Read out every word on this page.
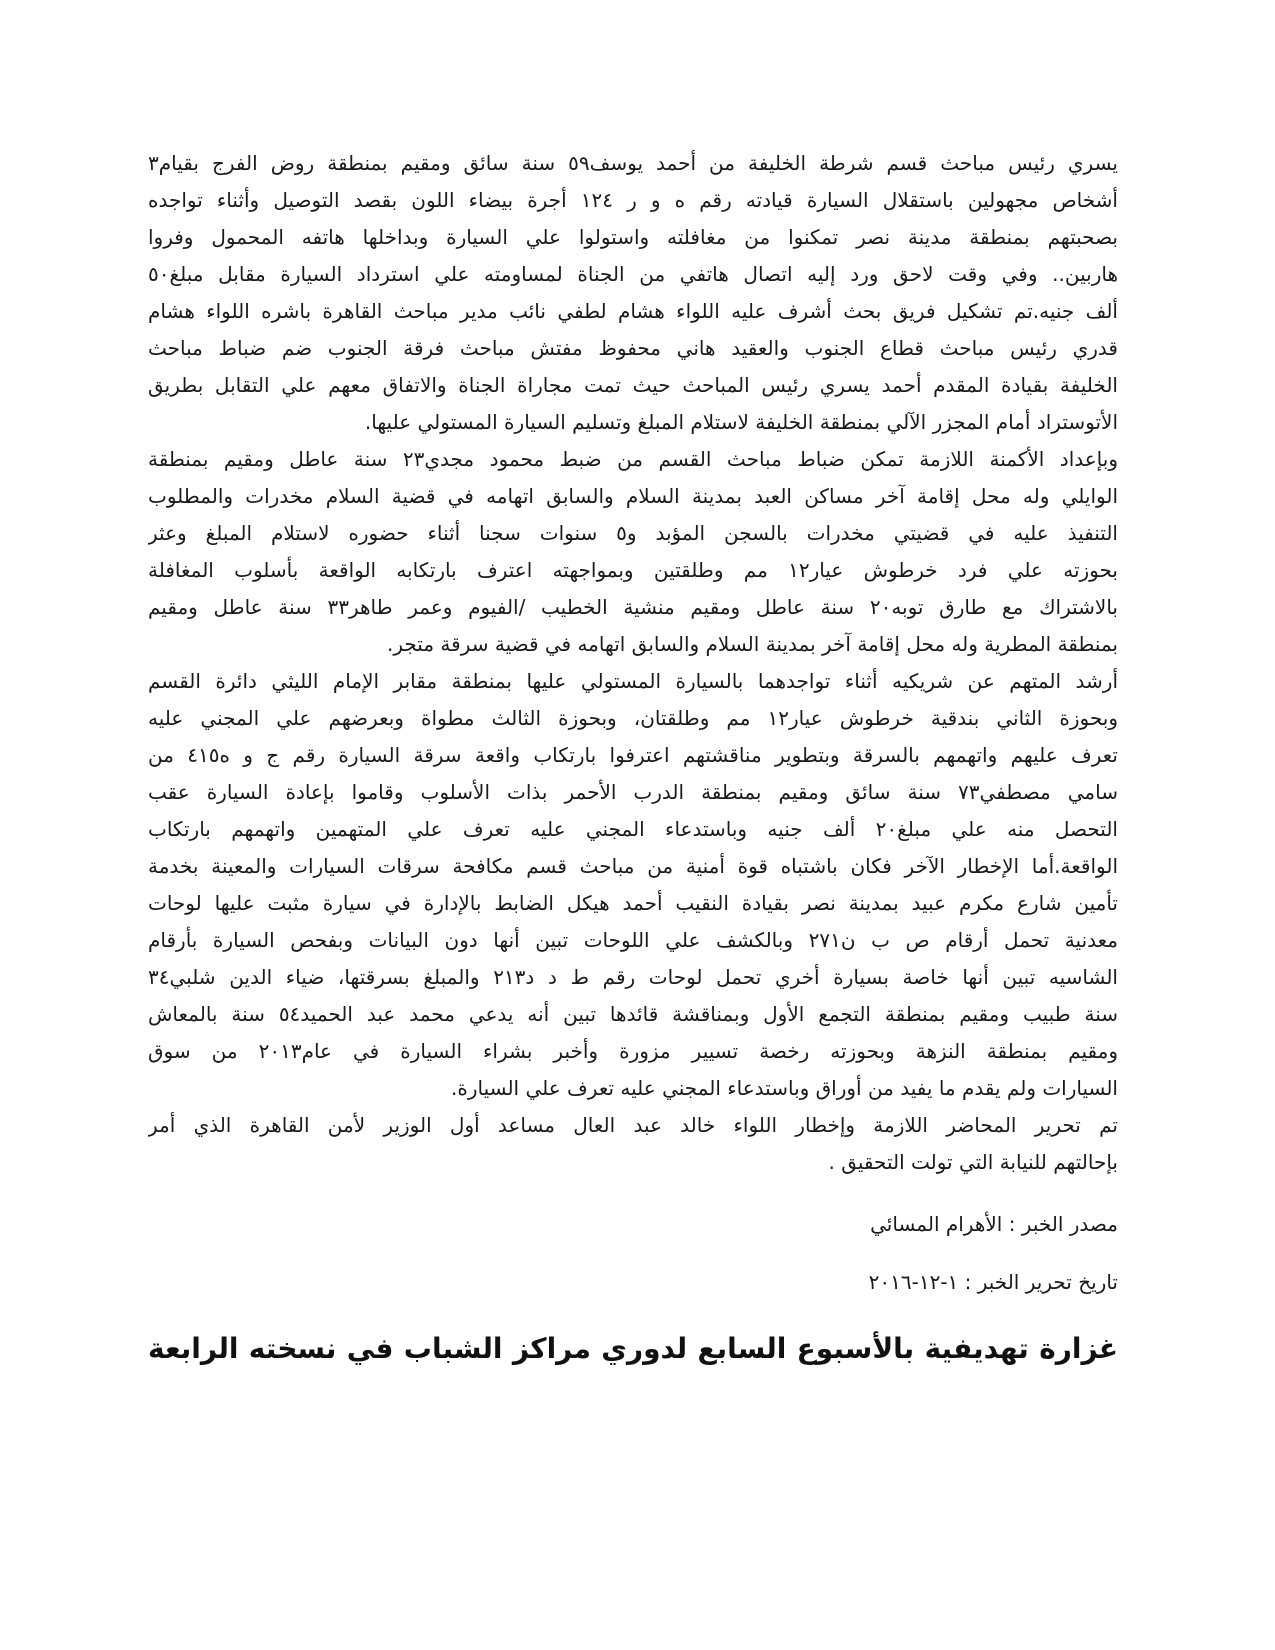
يسري رئيس مباحث قسم شرطة الخليفة من أحمد يوسف٥٩ سنة سائق ومقيم بمنطقة روض الفرج بقيام٣
أشخاص مجهولين باستقلال السيارة قيادته رقم ه و ر ١٢٤ أجرة بيضاء اللون بقصد التوصيل وأثناء تواجده
بصحبتهم بمنطقة مدينة نصر تمكنوا من مغافلته واستولوا علي السيارة وبداخلها هاتفه المحمول وفروا
هاربين.. وفي وقت لاحق ورد إليه اتصال هاتفي من الجناة لمساومته علي استرداد السيارة مقابل مبلغ٥٠
ألف جنيه.تم تشكيل فريق بحث أشرف عليه اللواء هشام لطفي نائب مدير مباحث القاهرة باشره اللواء هشام
قدري رئيس مباحث قطاع الجنوب والعقيد هاني محفوظ مفتش مباحث فرقة الجنوب ضم ضباط مباحث
الخليفة بقيادة المقدم أحمد يسري رئيس المباحث حيث تمت مجاراة الجناة والاتفاق معهم علي التقابل بطريق
الأتوستراد أمام المجزر الآلي بمنطقة الخليفة لاستلام المبلغ وتسليم السيارة المستولي عليها.
وبإعداد الأكمنة اللازمة تمكن ضباط مباحث القسم من ضبط محمود مجدي٢٣ سنة عاطل ومقيم بمنطقة
الوايلي وله محل إقامة آخر مساكن العبد بمدينة السلام والسابق اتهامه في قضية السلام مخدرات والمطلوب
التنفيذ عليه في قضيتي مخدرات بالسجن المؤبد و٥ سنوات سجنا أثناء حضوره لاستلام المبلغ وعثر
بحوزته علي فرد خرطوش عيار١٢ مم وطلقتين وبمواجهته اعترف بارتكابه الواقعة بأسلوب المغافلة
بالاشتراك مع طارق توبه٢٠ سنة عاطل ومقيم منشية الخطيب /الفيوم وعمر طاهر٣٣ سنة عاطل ومقيم
بمنطقة المطرية وله محل إقامة آخر بمدينة السلام والسابق اتهامه في قضية سرقة متجر.
أرشد المتهم عن شريكيه أثناء تواجدهما بالسيارة المستولي عليها بمنطقة مقابر الإمام الليثي دائرة القسم
وبحوزة الثاني بندقية خرطوش عيار١٢ مم وطلقتان، وبحوزة الثالث مطواة وبعرضهم علي المجني عليه
تعرف عليهم واتهمهم بالسرقة وبتطوير مناقشتهم اعترفوا بارتكاب واقعة سرقة السيارة رقم ج و ه٤١٥ من
سامي مصطفي٧٣ سنة سائق ومقيم بمنطقة الدرب الأحمر بذات الأسلوب وقاموا بإعادة السيارة عقب
التحصل منه علي مبلغ٢٠ ألف جنيه وباستدعاء المجني عليه تعرف علي المتهمين واتهمهم بارتكاب
الواقعة.أما الإخطار الآخر فكان باشتباه قوة أمنية من مباحث قسم مكافحة سرقات السيارات والمعينة بخدمة
تأمين شارع مكرم عبيد بمدينة نصر بقيادة النقيب أحمد هيكل الضابط بالإدارة في سيارة مثبت عليها لوحات
معدنية تحمل أرقام ص ب ن٢٧١ وبالكشف علي اللوحات تبين أنها دون البيانات وبفحص السيارة بأرقام
الشاسيه تبين أنها خاصة بسيارة أخري تحمل لوحات رقم ط د د٢١٣ والمبلغ بسرقتها، ضياء الدين شلبي٣٤
سنة طبيب ومقيم بمنطقة التجمع الأول وبمناقشة قائدها تبين أنه يدعي محمد عبد الحميد٥٤ سنة بالمعاش
ومقيم بمنطقة النزهة وبحوزته رخصة تسيير مزورة وأخبر بشراء السيارة في عام٢٠١٣ من سوق
السيارات ولم يقدم ما يفيد من أوراق وباستدعاء المجني عليه تعرف علي السيارة.
تم تحرير المحاضر اللازمة وإخطار اللواء خالد عبد العال مساعد أول الوزير لأمن القاهرة الذي أمر
بإحالتهم للنيابة التي تولت التحقيق .
مصدر الخبر : الأهرام المسائي
تاريخ تحرير الخبر : ١-١٢-٢٠١٦
غزارة تهديفية بالأسبوع السابع لدوري مراكز الشباب في نسخته الرابعة
